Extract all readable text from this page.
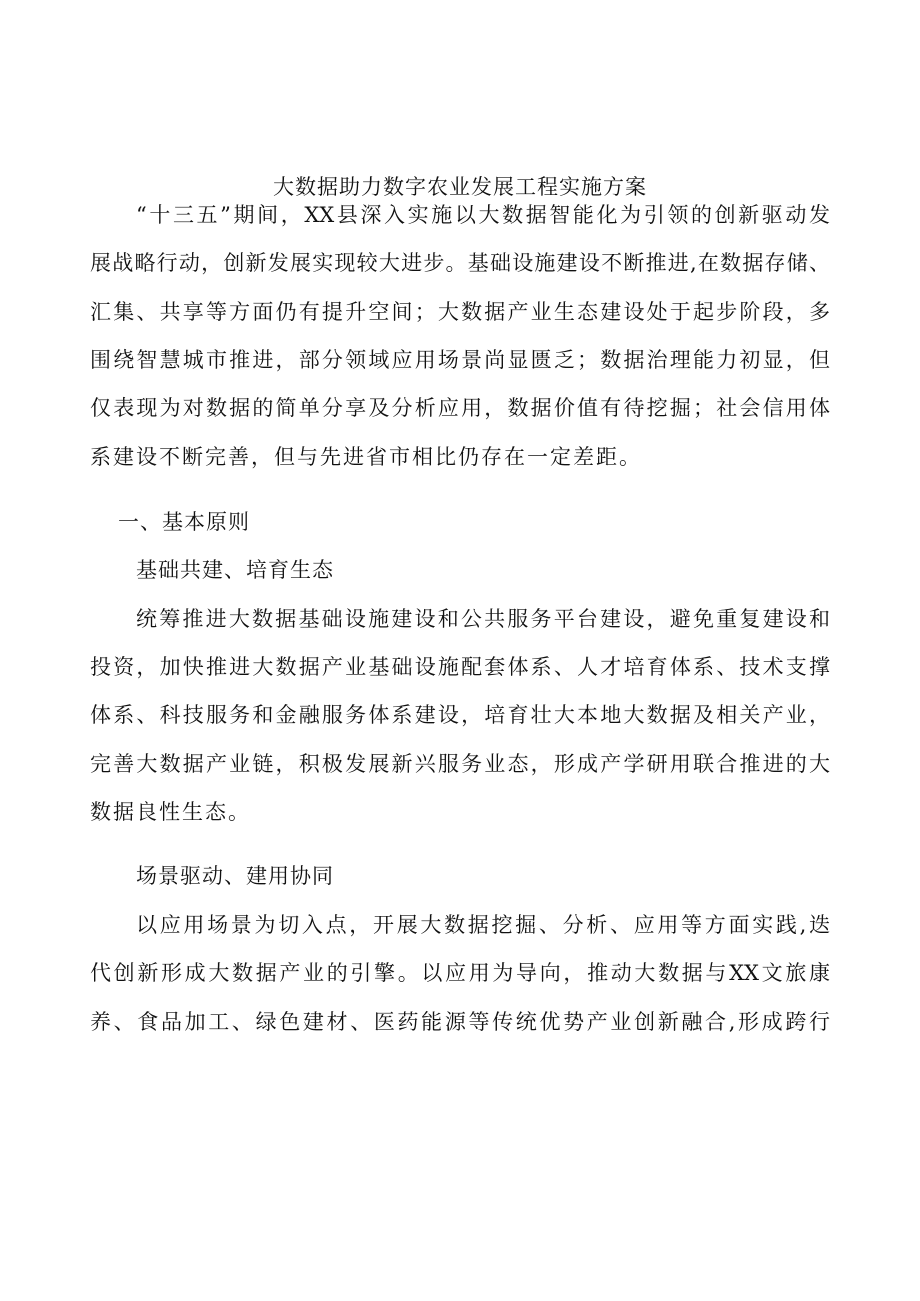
大数据助力数字农业发展工程实施方案
“十三五”期间，XX县深入实施以大数据智能化为引领的创新驱动发
展战略行动，创新发展实现较大进步。基础设施建设不断推进,在数据存储、
汇集、共享等方面仍有提升空间；大数据产业生态建设处于起步阶段，多
围绕智慧城市推进，部分领域应用场景尚显匮乏；数据治理能力初显，但
仅表现为对数据的简单分享及分析应用，数据价值有待挖掘；社会信用体
系建设不断完善，但与先进省市相比仍存在一定差距。
一、基本原则
基础共建、培育生态
统筹推进大数据基础设施建设和公共服务平台建设，避免重复建设和
投资，加快推进大数据产业基础设施配套体系、人才培育体系、技术支撑
体系、科技服务和金融服务体系建设，培育壮大本地大数据及相关产业，
完善大数据产业链，积极发展新兴服务业态，形成产学研用联合推进的大
数据良性生态。
场景驱动、建用协同
以应用场景为切入点，开展大数据挖掘、分析、应用等方面实践,迭
代创新形成大数据产业的引擎。以应用为导向，推动大数据与XX文旅康
养、食品加工、绿色建材、医药能源等传统优势产业创新融合,形成跨行
